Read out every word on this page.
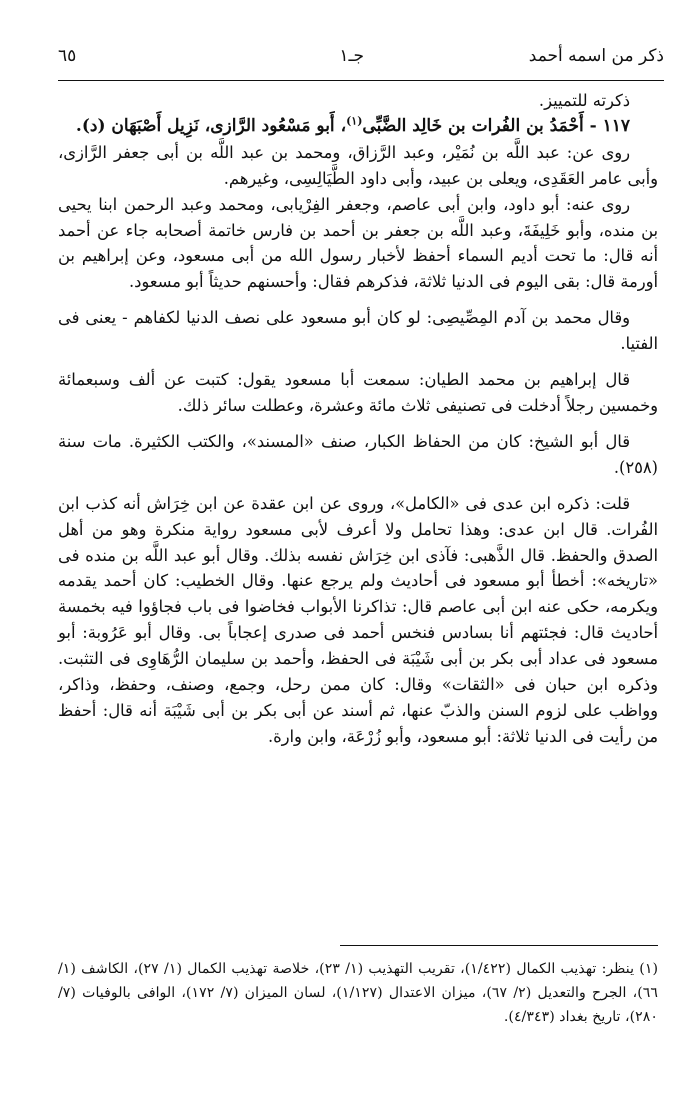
ذكر من اسمه أحمد
جـ١
٦٥

ذكرته للتمييز.

١١٧ - أَحْمَدُ بن الفُرات بن خَالِد الضَّبِّى$^{(١)}$، أَبو مَسْعُود الرَّازى، نَزِيل أَصْبَهَان (د).

روى عن: عبد اللَّه بن نُمَيْر، وعبد الرَّزاق، ومحمد بن عبد اللَّه بن أبى جعفر الرَّازى، وأبى عامر العَقَدِى، ويعلى بن عبيد، وأبى داود الطَّيَالِسِى، وغيرهم.

روى عنه: أبو داود، وابن أبى عاصم، وجعفر الفِرْيابى، ومحمد وعبد الرحمن ابنا يحيى بن منده، وأبو خَلِيفَةَ، وعبد اللَّه بن جعفر بن أحمد بن فارس خاتمة أصحابه جاء عن أحمد أنه قال: ما تحت أديم السماء أحفظ لأخبار رسول الله من أبى مسعود، وعن إبراهيم بن أورمة قال: بقى اليوم فى الدنيا ثلاثة، فذكرهم فقال: وأحسنهم حديثاً أبو مسعود.

وقال محمد بن آدم المِصِّيصِى: لو كان أبو مسعود على نصف الدنيا لكفاهم - يعنى فى الفتيا.

قال إبراهيم بن محمد الطيان: سمعت أبا مسعود يقول: كتبت عن ألف وسبعمائة وخمسين رجلاً أدخلت فى تصنيفى ثلاث مائة وعشرة، وعطلت سائر ذلك.

قال أبو الشيخ: كان من الحفاظ الكبار، صنف «المسند»، والكتب الكثيرة. مات سنة (٢٥٨).

قلت: ذكره ابن عدى فى «الكامل»، وروى عن ابن عقدة عن ابن خِرَاش أنه كذب ابن الفُرات. قال ابن عدى: وهذا تحامل ولا أعرف لأبى مسعود رواية منكرة وهو من أهل الصدق والحفظ. قال الذَّهبى: فآذى ابن خِرَاش نفسه بذلك. وقال أبو عبد اللَّه بن منده فى «تاريخه»: أخطأ أبو مسعود فى أحاديث ولم يرجع عنها. وقال الخطيب: كان أحمد يقدمه ويكرمه، حكى عنه ابن أبى عاصم قال: تذاكرنا الأبواب فخاضوا فى باب فجاؤوا فيه بخمسة أحاديث قال: فجئتهم أنا بسادس فنخس أحمد فى صدرى إعجاباً بى. وقال أبو عَرُوبة: أبو مسعود فى عداد أبى بكر بن أبى شَيْبَة فى الحفظ، وأحمد بن سليمان الرُّهَاوِى فى التثبت. وذكره ابن حبان فى «الثقات» وقال: كان ممن رحل، وجمع، وصنف، وحفظ، وذاكر، وواظب على لزوم السنن والذبّ عنها، ثم أسند عن أبى بكر بن أبى شَيْبَة أنه قال: أحفظ من رأيت فى الدنيا ثلاثة: أبو مسعود، وأبو زُرْعَة، وابن وارة.

(١) ينظر: تهذيب الكمال (١/٤٢٢)، تقريب التهذيب (١/ ٢٣)، خلاصة تهذيب الكمال (١/ ٢٧)، الكاشف (١/ ٦٦)، الجرح والتعديل (٢/ ٦٧)، ميزان الاعتدال (١/١٢٧)، لسان الميزان (٧/ ١٧٢)، الوافى بالوفيات (٧/ ٢٨٠)، تاريخ بغداد (٤/٣٤٣).
